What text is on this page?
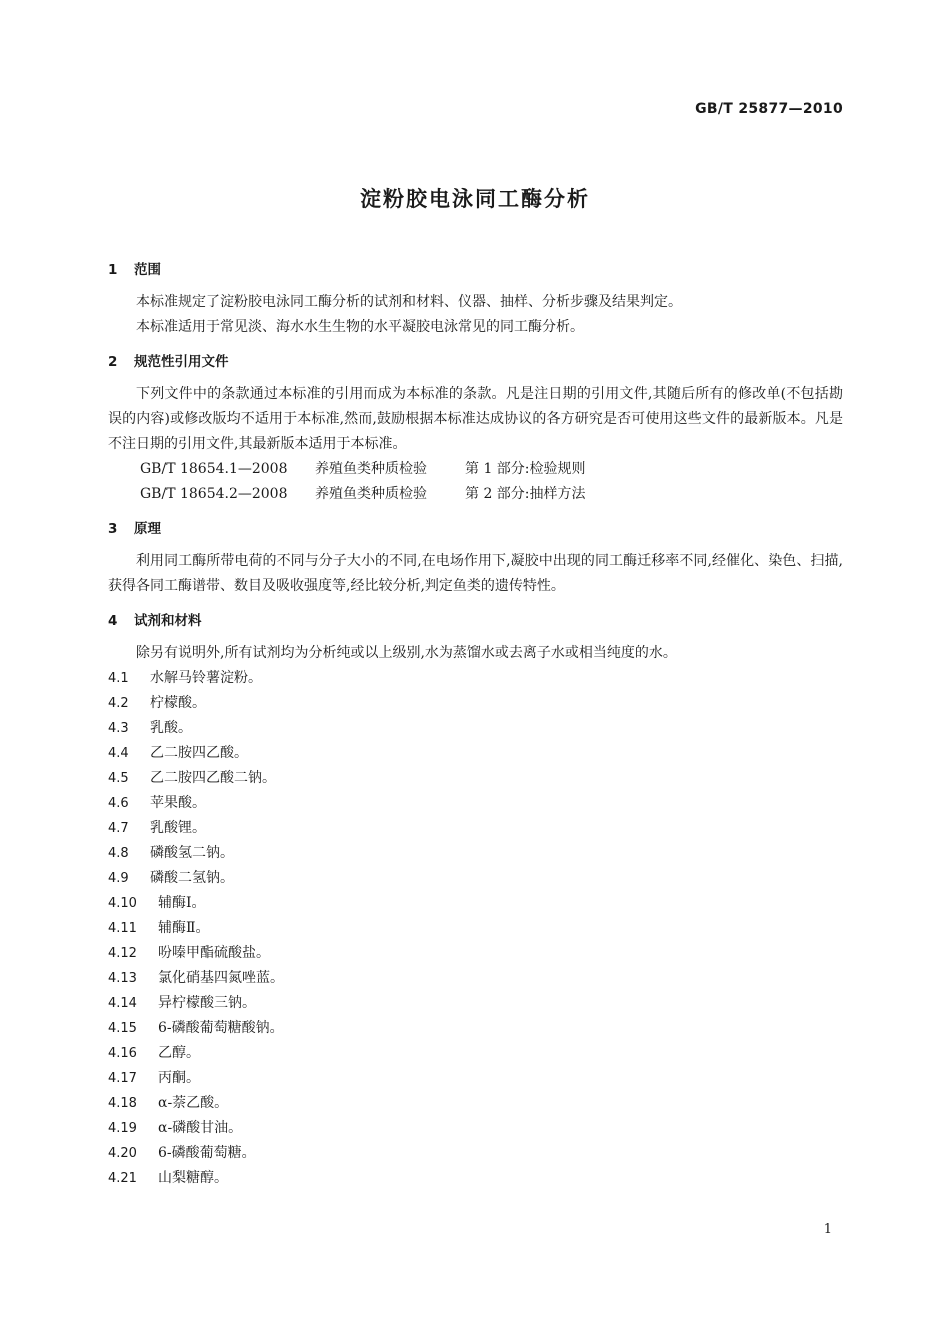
GB/T 25877—2010
淀粉胶电泳同工酶分析
1 范围
本标准规定了淀粉胶电泳同工酶分析的试剂和材料、仪器、抽样、分析步骤及结果判定。
本标准适用于常见淡、海水水生生物的水平凝胶电泳常见的同工酶分析。
2 规范性引用文件
下列文件中的条款通过本标准的引用而成为本标准的条款。凡是注日期的引用文件,其随后所有的修改单(不包括勘误的内容)或修改版均不适用于本标准,然而,鼓励根据本标准达成协议的各方研究是否可使用这些文件的最新版本。凡是不注日期的引用文件,其最新版本适用于本标准。
GB/T 18654.1—2008 养殖鱼类种质检验	第 1 部分:检验规则
GB/T 18654.2—2008 养殖鱼类种质检验	第 2 部分:抽样方法
3 原理
利用同工酶所带电荷的不同与分子大小的不同,在电场作用下,凝胶中出现的同工酶迁移率不同,经催化、染色、扫描,获得各同工酶谱带、数目及吸收强度等,经比较分析,判定鱼类的遗传特性。
4 试剂和材料
除另有说明外,所有试剂均为分析纯或以上级别,水为蒸馏水或去离子水或相当纯度的水。
4.1 水解马铃薯淀粉。
4.2 柠檬酸。
4.3 乳酸。
4.4 乙二胺四乙酸。
4.5 乙二胺四乙酸二钠。
4.6 苹果酸。
4.7 乳酸锂。
4.8 磷酸氢二钠。
4.9 磷酸二氢钠。
4.10 辅酶Ⅰ。
4.11 辅酶Ⅱ。
4.12 吩嗪甲酯硫酸盐。
4.13 氯化硝基四氮唑蓝。
4.14 异柠檬酸三钠。
4.15 6-磷酸葡萄糖酸钠。
4.16 乙醇。
4.17 丙酮。
4.18 α-萘乙酸。
4.19 α-磷酸甘油。
4.20 6-磷酸葡萄糖。
4.21 山梨糖醇。
1
